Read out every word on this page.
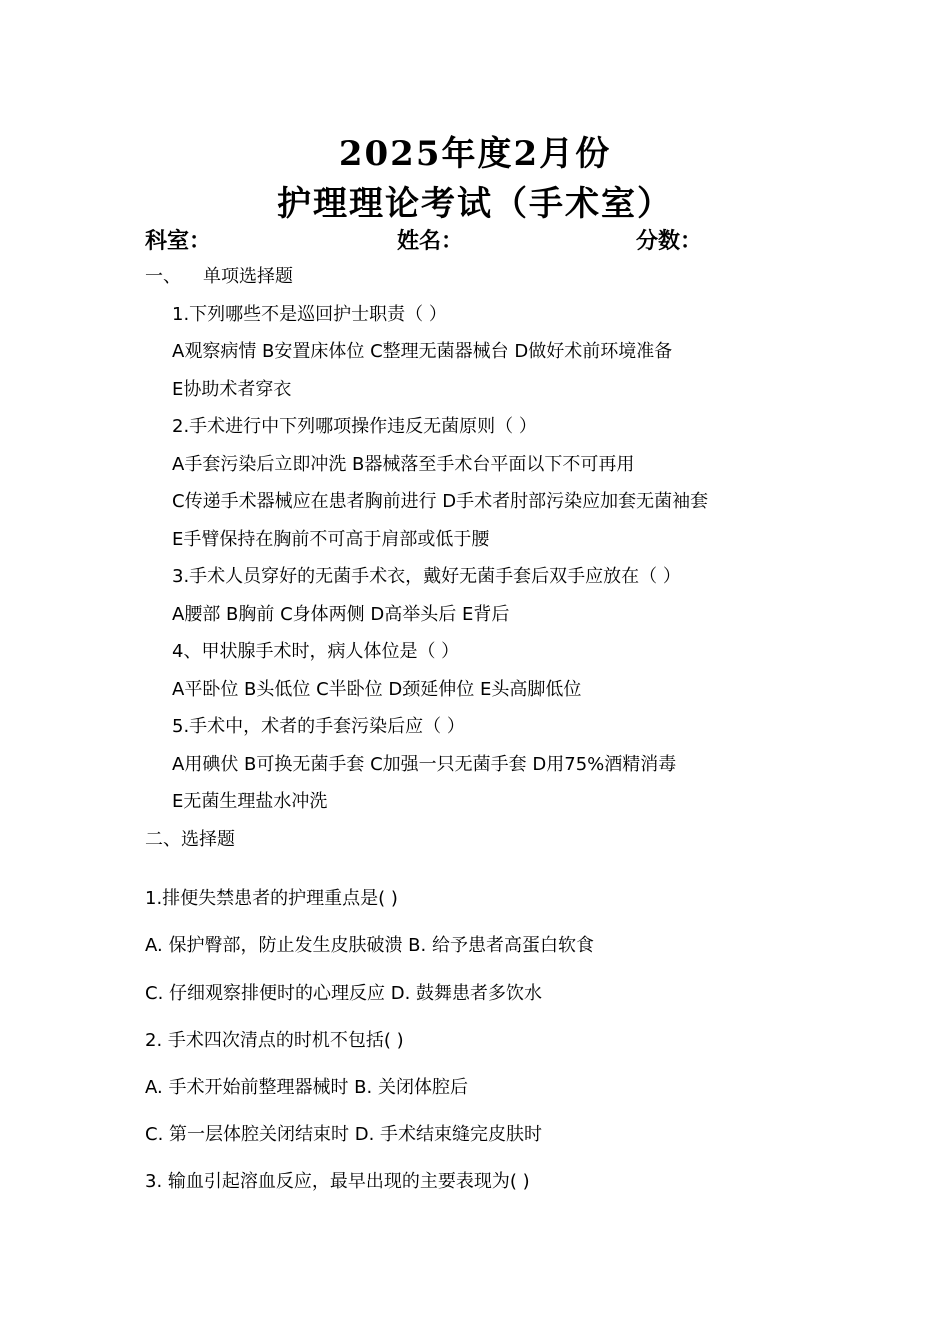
2025年度2月份
护理理论考试（手术室）
科室：	姓名：	分数：
一、 单项选择题
1.下列哪些不是巡回护士职责（ ）
A观察病情 B安置床体位 C整理无菌器械台 D做好术前环境准备
E协助术者穿衣
2.手术进行中下列哪项操作违反无菌原则（ ）
A手套污染后立即冲洗 B器械落至手术台平面以下不可再用
C传递手术器械应在患者胸前进行 D手术者肘部污染应加套无菌袖套
E手臂保持在胸前不可高于肩部或低于腰
3.手术人员穿好的无菌手术衣，戴好无菌手套后双手应放在（ ）
A腰部 B胸前 C身体两侧 D高举头后 E背后
4、甲状腺手术时，病人体位是（ ）
A平卧位 B头低位 C半卧位 D颈延伸位 E头高脚低位
5.手术中，术者的手套污染后应（ ）
A用碘伏 B可换无菌手套 C加强一只无菌手套 D用75%酒精消毒
E无菌生理盐水冲洗
二、选择题
1.排便失禁患者的护理重点是( )
A. 保护臀部，防止发生皮肤破溃 B. 给予患者高蛋白软食
C. 仔细观察排便时的心理反应 D. 鼓舞患者多饮水
2. 手术四次清点的时机不包括( )
A. 手术开始前整理器械时 B. 关闭体腔后
C. 第一层体腔关闭结束时 D. 手术结束缝完皮肤时
3. 输血引起溶血反应，最早出现的主要表现为( )
